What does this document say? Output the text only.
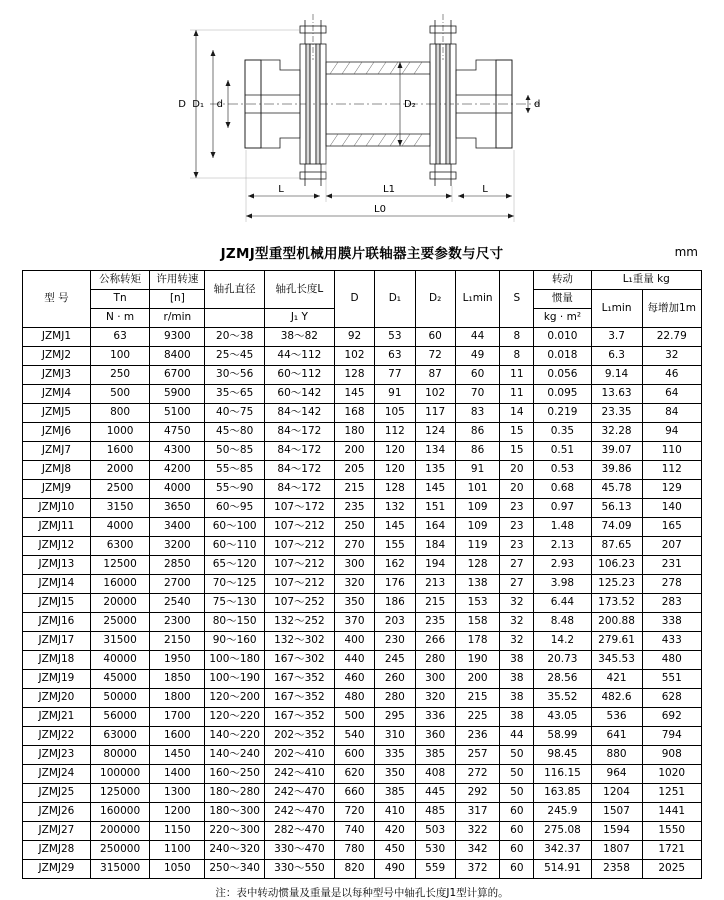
D D₁ d	D₂	d
L	L1	L
L0
JZMJ型重型机械用膜片联轴器主要参数与尺寸	mm
型 号	公称转矩	许用转速	轴孔直径	轴孔长度L	D	D₁	D₂	L₁min	S	转动	L₁重量 kg	
	Tn	[n]								惯量	L₁min	每增加1m
	N · m	r/min		J₁ Y						kg · m²		
JZMJ1	63	9300	20～38	38～82	92	53	60	44	8	0.010	3.7	22.79
JZMJ2	100	8400	25～45	44～112	102	63	72	49	8	0.018	6.3	32
JZMJ3	250	6700	30～56	60～112	128	77	87	60	11	0.056	9.14	46
JZMJ4	500	5900	35～65	60～142	145	91	102	70	11	0.095	13.63	64
JZMJ5	800	5100	40～75	84～142	168	105	117	83	14	0.219	23.35	84
JZMJ6	1000	4750	45～80	84～172	180	112	124	86	15	0.35	32.28	94
JZMJ7	1600	4300	50～85	84～172	200	120	134	86	15	0.51	39.07	110
JZMJ8	2000	4200	55～85	84～172	205	120	135	91	20	0.53	39.86	112
JZMJ9	2500	4000	55～90	84～172	215	128	145	101	20	0.68	45.78	129
JZMJ10	3150	3650	60～95	107～172	235	132	151	109	23	0.97	56.13	140
JZMJ11	4000	3400	60～100	107～212	250	145	164	109	23	1.48	74.09	165
JZMJ12	6300	3200	60～110	107～212	270	155	184	119	23	2.13	87.65	207
JZMJ13	12500	2850	65～120	107～212	300	162	194	128	27	2.93	106.23	231
JZMJ14	16000	2700	70～125	107～212	320	176	213	138	27	3.98	125.23	278
JZMJ15	20000	2540	75～130	107～252	350	186	215	153	32	6.44	173.52	283
JZMJ16	25000	2300	80～150	132～252	370	203	235	158	32	8.48	200.88	338
JZMJ17	31500	2150	90～160	132～302	400	230	266	178	32	14.2	279.61	433
JZMJ18	40000	1950	100～180	167～302	440	245	280	190	38	20.73	345.53	480
JZMJ19	45000	1850	100～190	167～352	460	260	300	200	38	28.56	421	551
JZMJ20	50000	1800	120～200	167～352	480	280	320	215	38	35.52	482.6	628
JZMJ21	56000	1700	120～220	167～352	500	295	336	225	38	43.05	536	692
JZMJ22	63000	1600	140～220	202～352	540	310	360	236	44	58.99	641	794
JZMJ23	80000	1450	140～240	202～410	600	335	385	257	50	98.45	880	908
JZMJ24	100000	1400	160～250	242～410	620	350	408	272	50	116.15	964	1020
JZMJ25	125000	1300	180～280	242～470	660	385	445	292	50	163.85	1204	1251
JZMJ26	160000	1200	180～300	242～470	720	410	485	317	60	245.9	1507	1441
JZMJ27	200000	1150	220～300	282～470	740	420	503	322	60	275.08	1594	1550
JZMJ28	250000	1100	240～320	330～470	780	450	530	342	60	342.37	1807	1721
JZMJ29	315000	1050	250～340	330～550	820	490	559	372	60	514.91	2358	2025
注：表中转动惯量及重量是以每种型号中轴孔长度J1型计算的。
